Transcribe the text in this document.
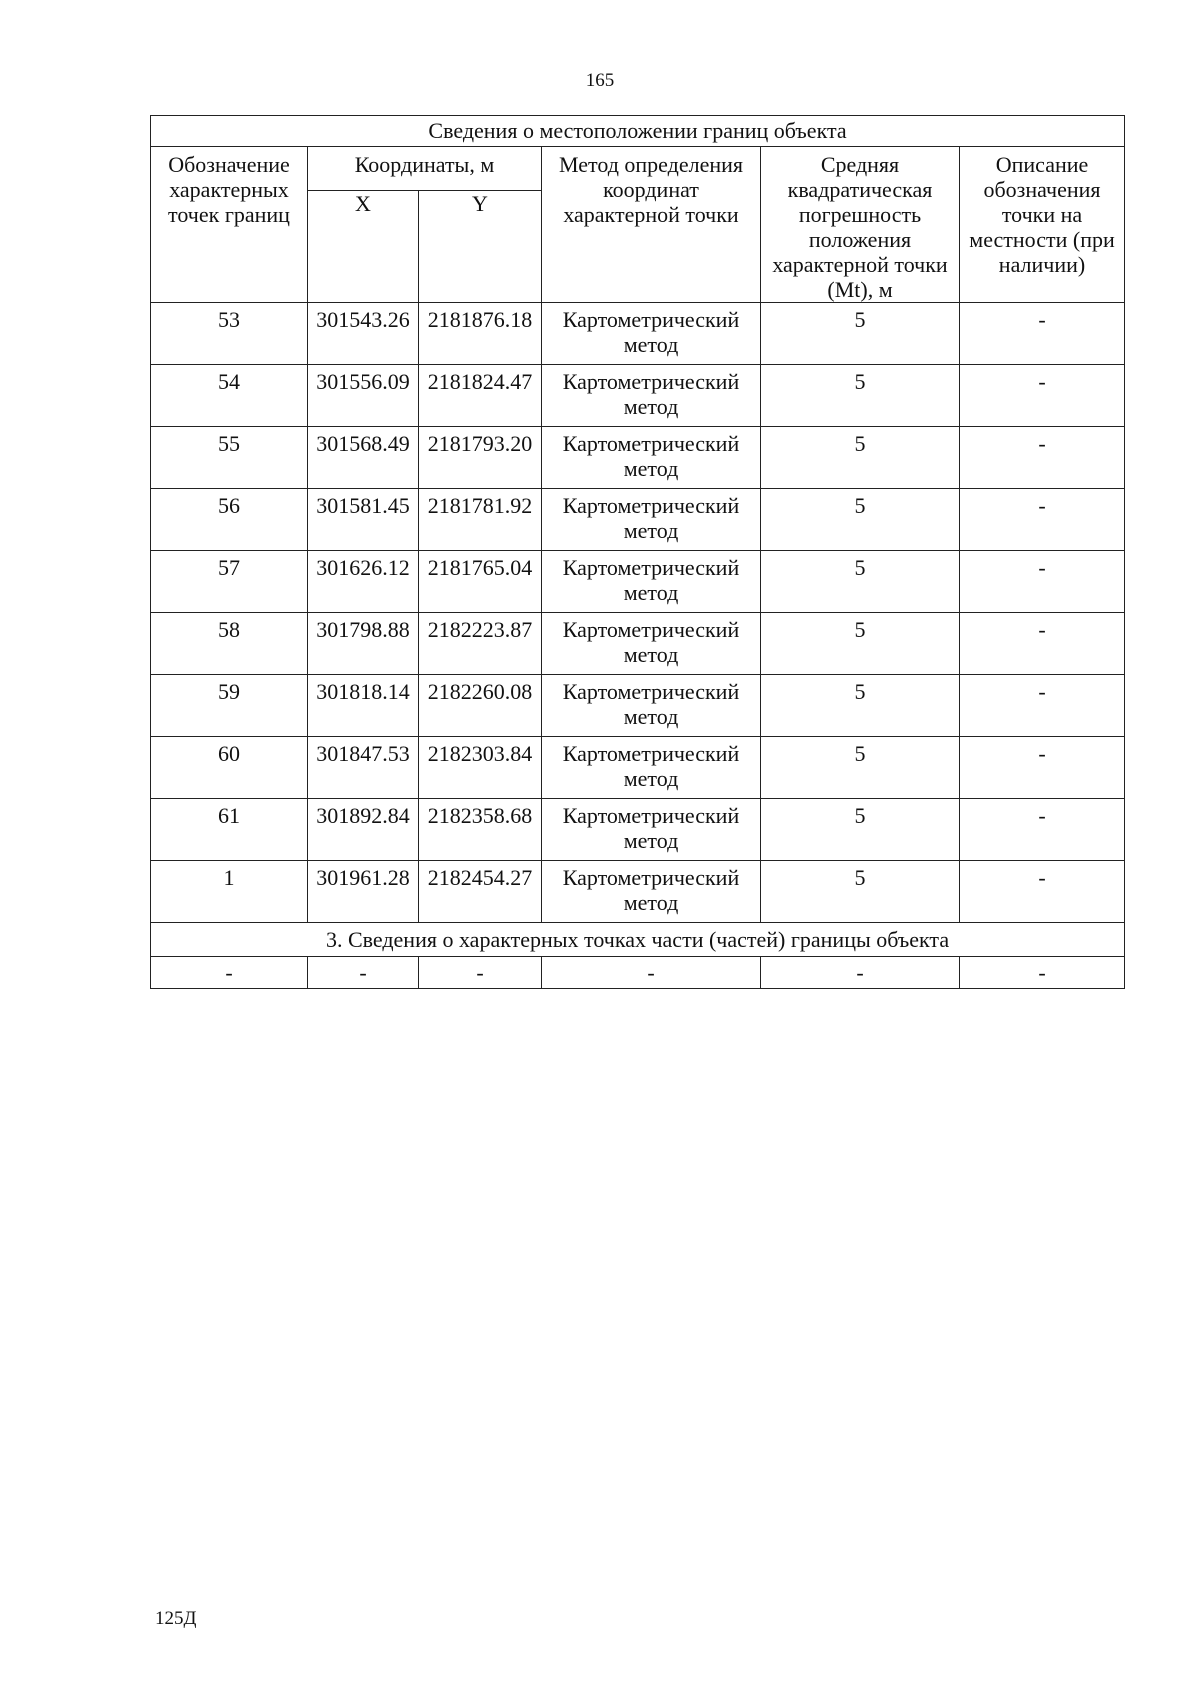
165
Сведения о местоположении границ объекта					
Обозначение характерных точек границ	Координаты, м		Метод определения координат характерной точки	Средняя квадратическая погрешность положения характерной точки (Mt), м	Описание обозначения точки на местности (при наличии)
	X	Y			
53	301543.26	2181876.18	Картометрический метод	5	-
54	301556.09	2181824.47	Картометрический метод	5	-
55	301568.49	2181793.20	Картометрический метод	5	-
56	301581.45	2181781.92	Картометрический метод	5	-
57	301626.12	2181765.04	Картометрический метод	5	-
58	301798.88	2182223.87	Картометрический метод	5	-
59	301818.14	2182260.08	Картометрический метод	5	-
60	301847.53	2182303.84	Картометрический метод	5	-
61	301892.84	2182358.68	Картометрический метод	5	-
1	301961.28	2182454.27	Картометрический метод	5	-
3. Сведения о характерных точках части (частей) границы объекта					
-	-	-	-	-	-
125Д
